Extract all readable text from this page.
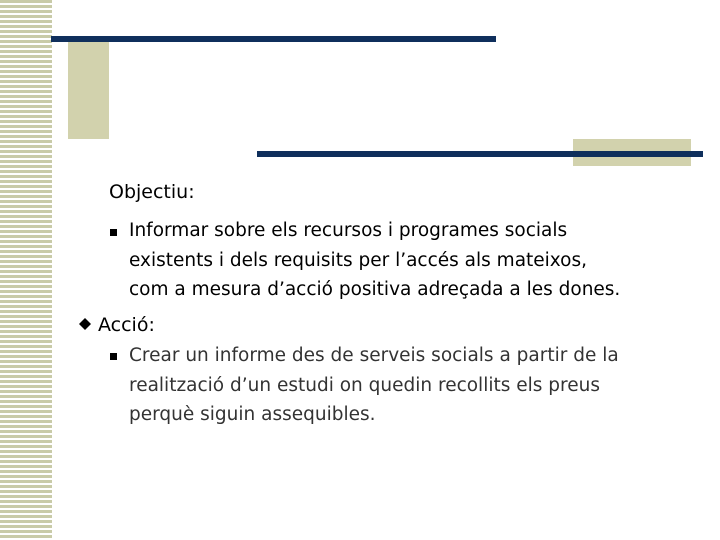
Objectiu:
Informar sobre els recursos i programes socials
existents i dels requisits per l’accés als mateixos,
com a mesura d’acció positiva adreçada a les dones.
Acció:
Crear un informe des de serveis socials a partir de la
realització d’un estudi on quedin recollits els preus
perquè siguin assequibles.
